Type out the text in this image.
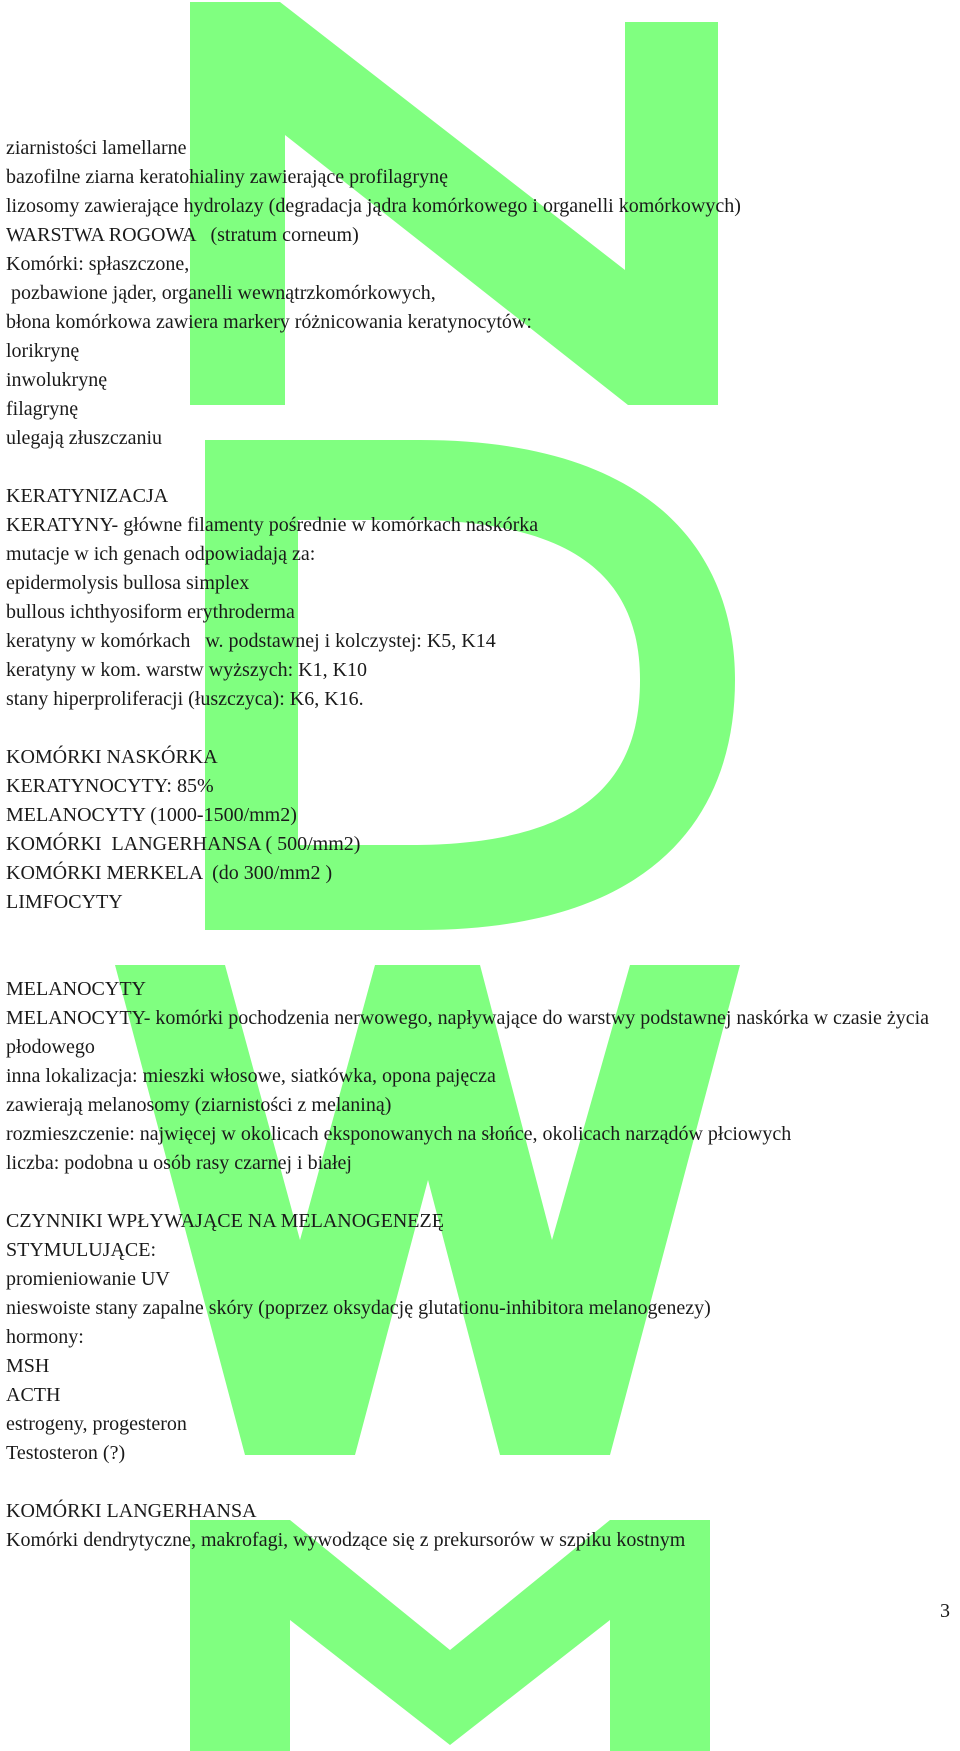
ziarnistości lamellarne
bazofilne ziarna keratohialiny zawierające profilagrynę
lizosomy zawierające hydrolazy (degradacja jądra komórkowego i organelli komórkowych)
WARSTWA ROGOWA   (stratum corneum)
Komórki: spłaszczone,
pozbawione jąder, organelli wewnątrzkomórkowych,
błona komórkowa zawiera markery różnicowania keratynocytów:
lorikrynę
inwolukrynę
filagrynę
ulegają złuszczaniu
KERATYNIZACJA
KERATYNY- główne filamenty pośrednie w komórkach naskórka
mutacje w ich genach odpowiadają za:
epidermolysis bullosa simplex
bullous ichthyosiform erythroderma
keratyny w komórkach   w. podstawnej i kolczystej: K5, K14
keratyny w kom. warstw wyższych: K1, K10
stany hiperproliferacji (łuszczyca): K6, K16.
KOMÓRKI NASKÓRKA
KERATYNOCYTY: 85%
MELANOCYTY (1000-1500/mm2)
KOMÓRKI  LANGERHANSA ( 500/mm2)
KOMÓRKI MERKELA  (do 300/mm2 )
LIMFOCYTY
MELANOCYTY
MELANOCYTY- komórki pochodzenia nerwowego, napływające do warstwy podstawnej naskórka w czasie życia płodowego
inna lokalizacja: mieszki włosowe, siatkówka, opona pajęcza
zawierają melanosomy (ziarnistości z melaniną)
rozmieszczenie: najwięcej w okolicach eksponowanych na słońce, okolicach narządów płciowych
liczba: podobna u osób rasy czarnej i białej
CZYNNIKI WPŁYWAJĄCE NA MELANOGENEZĘ
STYMULUJĄCE:
promieniowanie UV
nieswoiste stany zapalne skóry (poprzez oksydację glutationu-inhibitora melanogenezy)
hormony:
MSH
ACTH
estrogeny, progesteron
Testosteron (?)
KOMÓRKI LANGERHANSA
Komórki dendrytyczne, makrofagi, wywodzące się z prekursorów w szpiku kostnym
3
